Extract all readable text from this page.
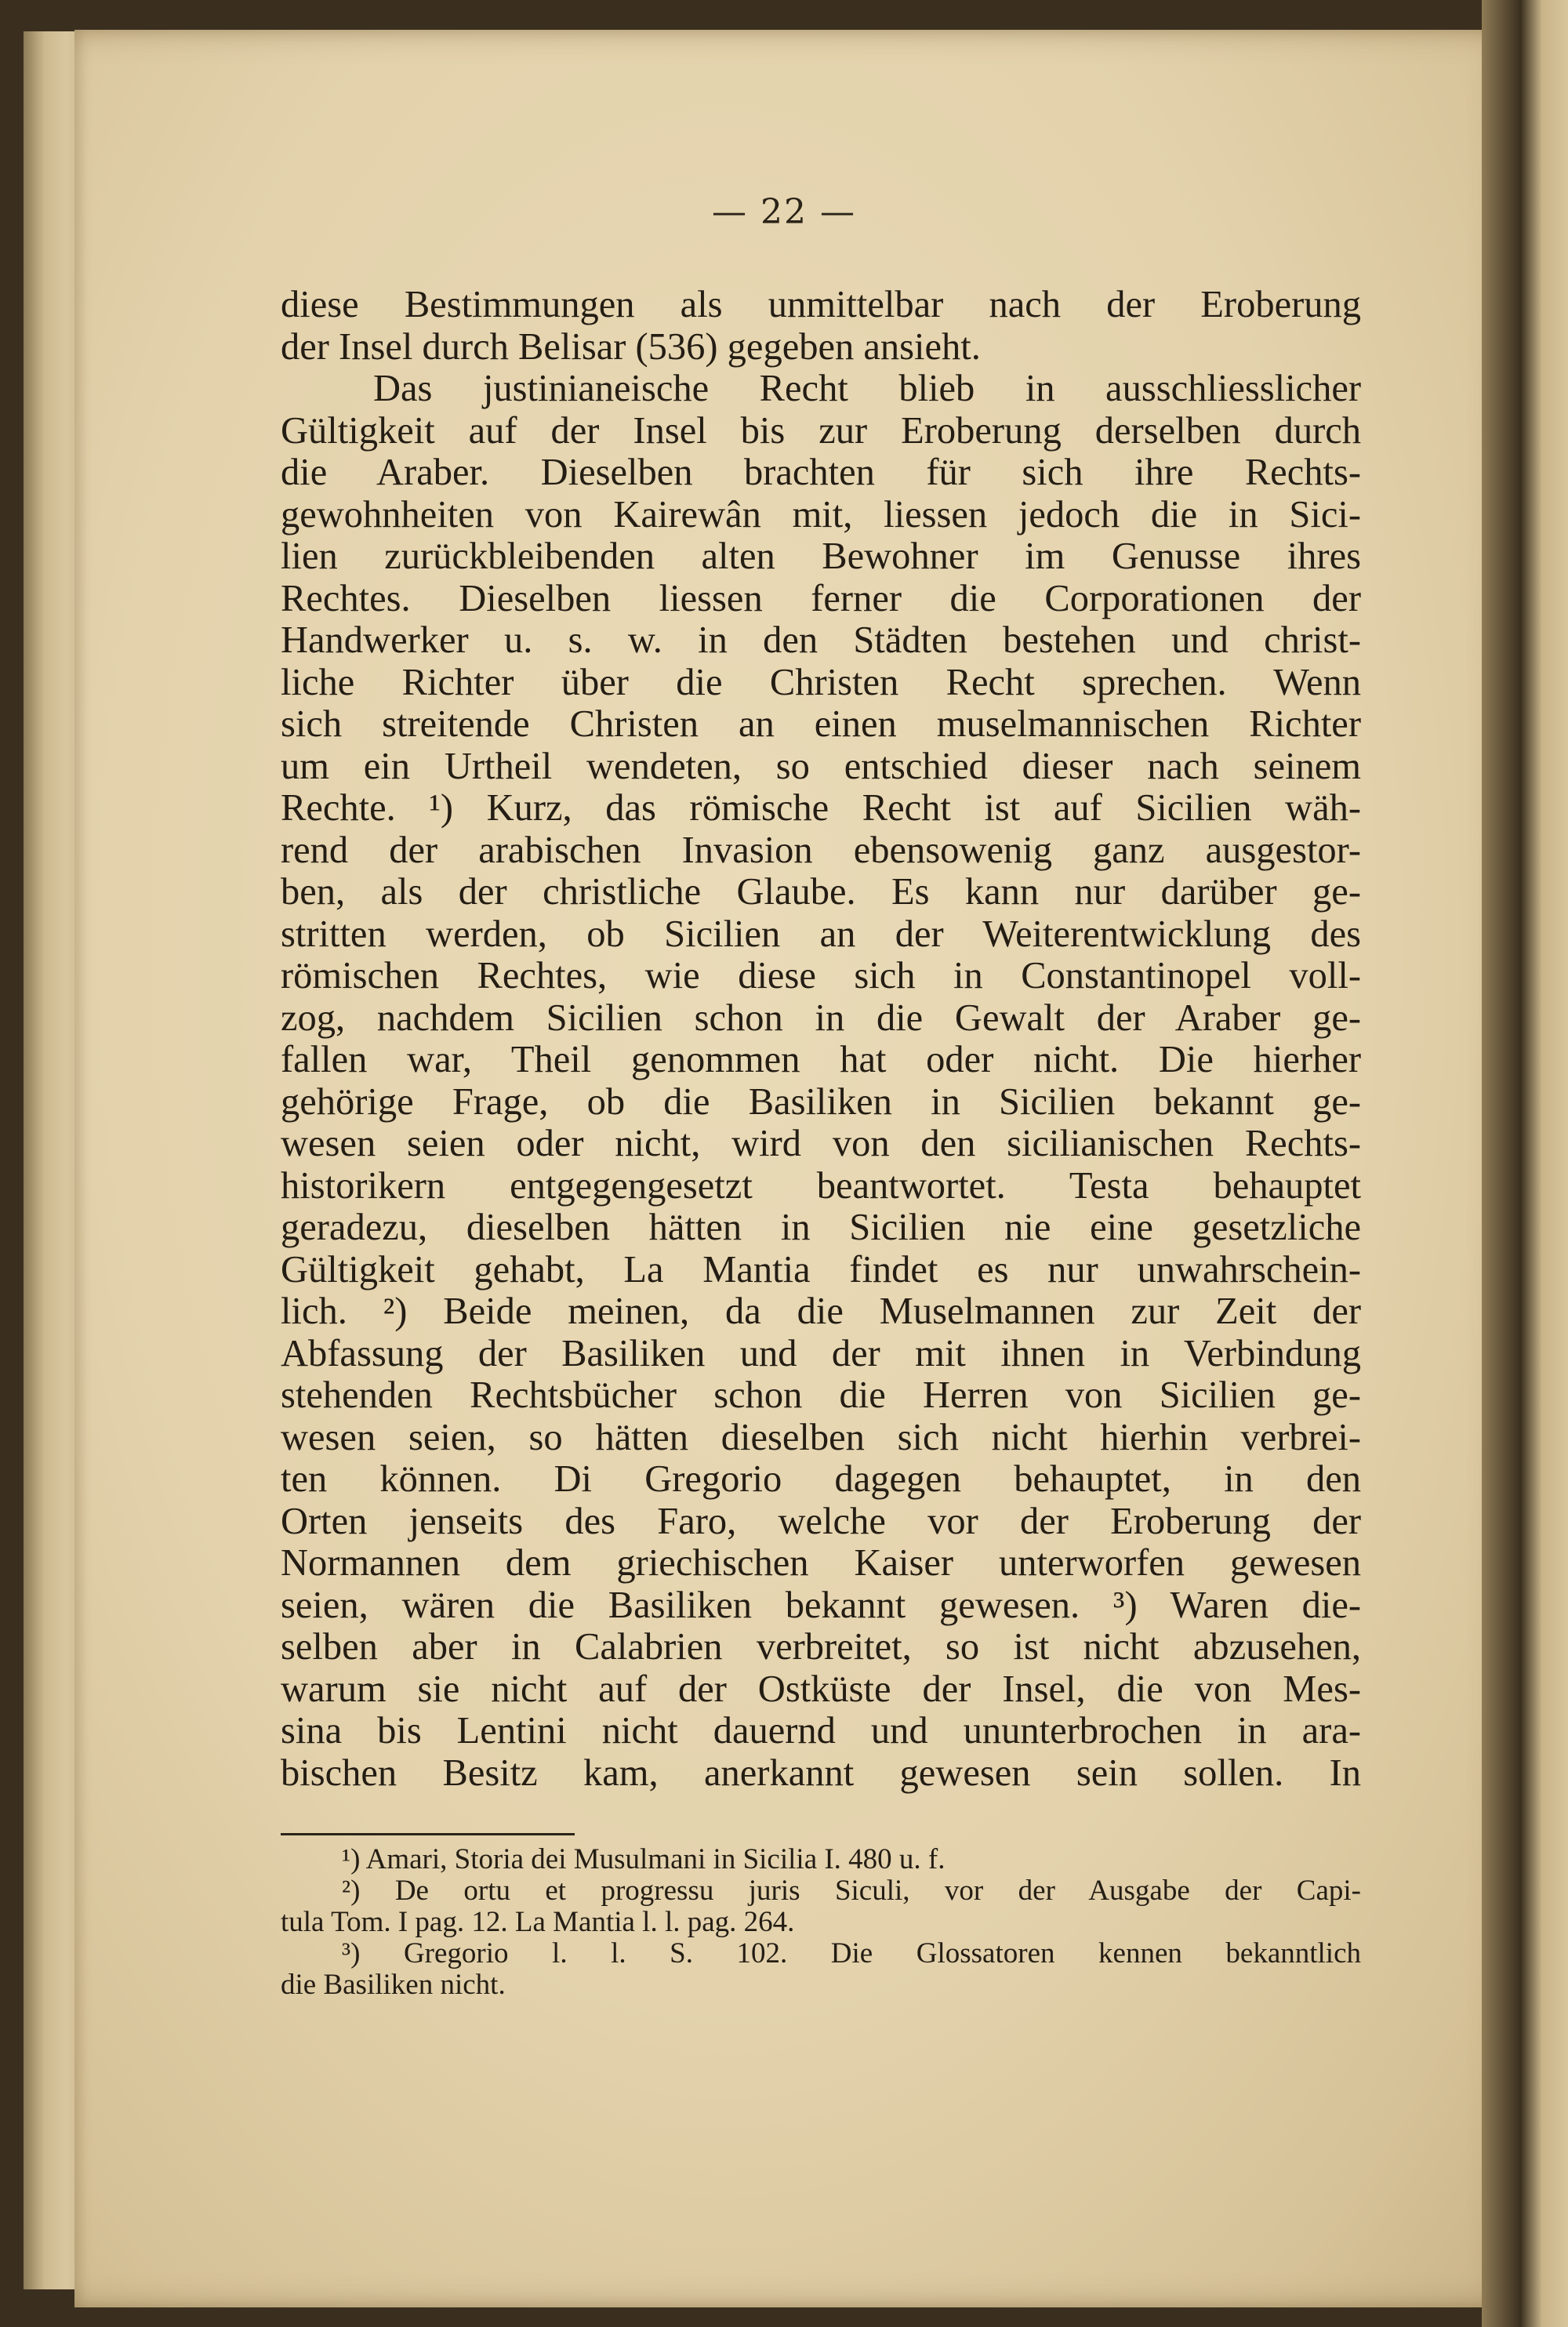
— 22 —
diese Bestimmungen als unmittelbar nach der Eroberung
der Insel durch Belisar (536) gegeben ansieht.
Das justinianeische Recht blieb in ausschliesslicher
Gültigkeit auf der Insel bis zur Eroberung derselben durch
die Araber. Dieselben brachten für sich ihre Rechts-
gewohnheiten von Kairewân mit, liessen jedoch die in Sici-
lien zurückbleibenden alten Bewohner im Genusse ihres
Rechtes. Dieselben liessen ferner die Corporationen der
Handwerker u. s. w. in den Städten bestehen und christ-
liche Richter über die Christen Recht sprechen. Wenn
sich streitende Christen an einen muselmannischen Richter
um ein Urtheil wendeten, so entschied dieser nach seinem
Rechte. ¹) Kurz, das römische Recht ist auf Sicilien wäh-
rend der arabischen Invasion ebensowenig ganz ausgestor-
ben, als der christliche Glaube. Es kann nur darüber ge-
stritten werden, ob Sicilien an der Weiterentwicklung des
römischen Rechtes, wie diese sich in Constantinopel voll-
zog, nachdem Sicilien schon in die Gewalt der Araber ge-
fallen war, Theil genommen hat oder nicht. Die hierher
gehörige Frage, ob die Basiliken in Sicilien bekannt ge-
wesen seien oder nicht, wird von den sicilianischen Rechts-
historikern entgegengesetzt beantwortet. Testa behauptet
geradezu, dieselben hätten in Sicilien nie eine gesetzliche
Gültigkeit gehabt, La Mantia findet es nur unwahrschein-
lich. ²) Beide meinen, da die Muselmannen zur Zeit der
Abfassung der Basiliken und der mit ihnen in Verbindung
stehenden Rechtsbücher schon die Herren von Sicilien ge-
wesen seien, so hätten dieselben sich nicht hierhin verbrei-
ten können. Di Gregorio dagegen behauptet, in den
Orten jenseits des Faro, welche vor der Eroberung der
Normannen dem griechischen Kaiser unterworfen gewesen
seien, wären die Basiliken bekannt gewesen. ³) Waren die-
selben aber in Calabrien verbreitet, so ist nicht abzusehen,
warum sie nicht auf der Ostküste der Insel, die von Mes-
sina bis Lentini nicht dauernd und ununterbrochen in ara-
bischen Besitz kam, anerkannt gewesen sein sollen. In
¹) Amari, Storia dei Musulmani in Sicilia I. 480 u. f.
²) De ortu et progressu juris Siculi, vor der Ausgabe der Capi-
tula Tom. I pag. 12. La Mantia l. l. pag. 264.
³) Gregorio l. l. S. 102. Die Glossatoren kennen bekanntlich
die Basiliken nicht.
